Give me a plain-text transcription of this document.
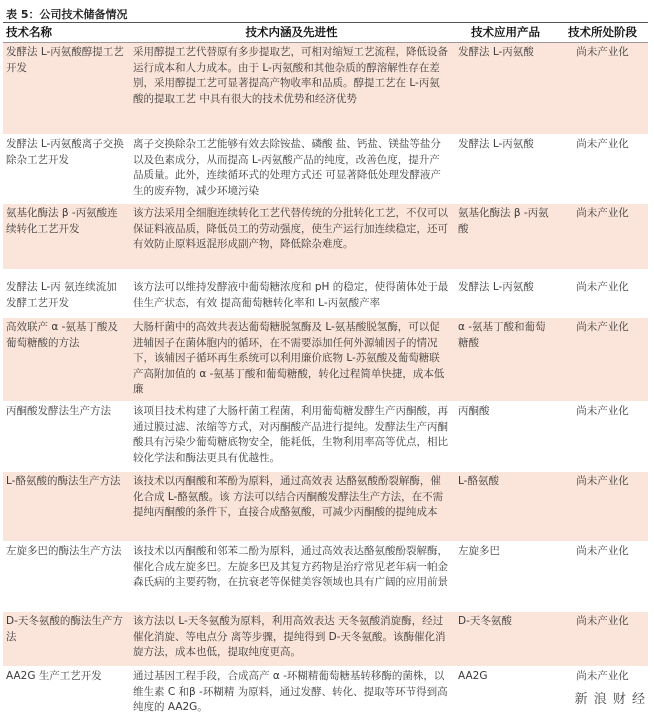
表 5：公司技术储备情况
技术名称	技术内涵及先进性	技术应用产品	技术所处阶段
发酵法 L-丙氨酸醇提工艺开发	采用醇提工艺代替原有多步提取艺，可相对缩短工艺流程，降低设备运行成本和人力成本。由于 L-丙氨酸和其他杂质的醇溶解性存在差别，采用醇提工艺可显著提高产物收率和品质。醇提工艺在 L-丙氨酸的提取工艺 中具有很大的技术优势和经济优势	发酵法 L-丙氨酸	尚未产业化
发酵法 L-丙氨酸离子交换除杂工艺开发	离子交换除杂工艺能够有效去除铵盐、磷酸 盐、钙盐、镁盐等盐分以及色素成分，从而提高 L-丙氨酸产品的纯度，改善色度，提升产品质量。此外，连续循环式的处理方式还 可显著降低处理发酵液产生的废弃物，减少环境污染	发酵法 L-丙氨酸	尚未产业化
氨基化酶法 β -丙氨酸连续转化工艺开发	该方法采用全细胞连续转化工艺代替传统的分批转化工艺，不仅可以保证料液品质，降低员工的劳动强度，使生产运行加连续稳定，还可有效防止原料返混形成副产物，降低除杂难度。	氨基化酶法 β -丙氨酸	尚未产业化
发酵法 L-丙 氨连续流加发酵工艺开发	该方法可以维持发酵液中葡萄糖浓度和 pH 的稳定，使得菌体处于最佳生产状态，有效 提高葡萄糖转化率和 L-丙氨酸产率	发酵法 L-丙氨酸	尚未产业化
高效联产 α -氨基丁酸及葡萄糖酸的方法	大肠杆菌中的高效共表达葡萄糖脱氢酶及 L-氨基酸脱氢酶，可以促进辅因子在菌体胞内的循环，在不需要添加任何外源辅因子的情况下，该辅因子循环再生系统可以利用廉价底物 L-苏氨酸及葡萄糖联产高附加值的 α -氨基丁酸和葡萄糖酸，转化过程简单快捷，成本低廉	α -氨基丁酸和葡萄糖酸	尚未产业化
丙酮酸发酵法生产方法	该项目技术构建了大肠杆菌工程菌，利用葡萄糖发酵生产丙酮酸，再通过膜过滤、浓缩等方式，对丙酮酸产品进行提纯。发酵法生产丙酮酸具有污染少葡萄糖底物安全，能耗低，生物利用率高等优点，相比较化学法和酶法更具有优越性。	丙酮酸	尚未产业化
L-酪氨酸的酶法生产方法	该技术以丙酮酸和苯酚为原料，通过高效表 达酪氨酸酚裂解酶，催化合成 L-酪氨酸。该 方法可以结合丙酮酸发酵法生产方法，在不需提纯丙酮酸的条件下，直接合成酪氨酸，可减少丙酮酸的提纯成本	L-酪氨酸	尚未产业化
左旋多巴的酶法生产方法	该技术以丙酮酸和邻苯二酚为原料，通过高效表达酪氨酸酚裂解酶，催化合成左旋多巴。左旋多巴及其复方药物是治疗常见老年病一帕金森氏病的主要药物，在抗衰老等保健美容领域也具有广阔的应用前景	左旋多巴	尚未产业化
D-天冬氨酸的酶法生产方法	该方法以 L-天冬氨酸为原料，利用高效表达 天冬氨酸消旋酶，经过催化消旋、等电点分 离等步骤，提纯得到 D-天冬氨酸。该酶催化消旋方法，成本也低，提取纯度更高。	D-天冬氨酸	尚未产业化
AA2G 生产工艺开发	通过基因工程手段，合成高产 α -环糊精葡萄糖基转移酶的菌株，以维生素 C 和β -环糊精 为原料，通过发酵、转化、提取等环节得到高纯度的 AA2G。	AA2G	尚未产业化
新 浪 财 经
